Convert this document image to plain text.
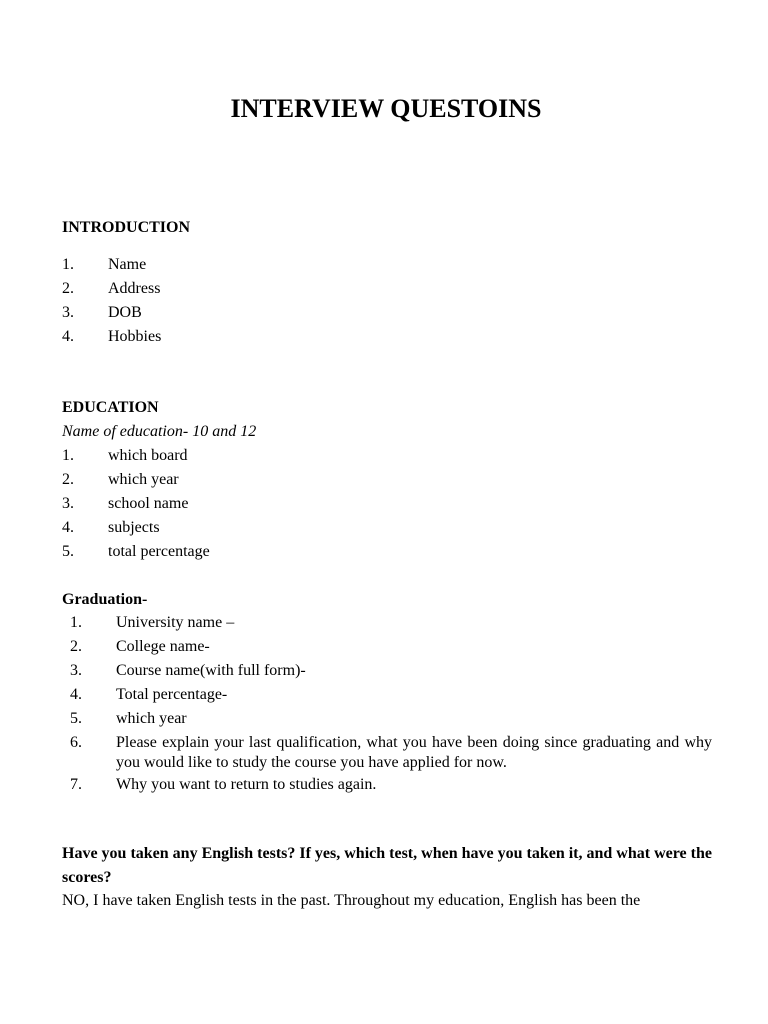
INTERVIEW QUESTOINS

INTRODUCTION

1. Name
2. Address
3. DOB
4. Hobbies

EDUCATION

Name of education- 10 and 12

1. which board
2. which year
3. school name
4. subjects
5. total percentage

Graduation-

1. University name –
2. College name-
3. Course name(with full form)-
4. Total percentage-
5. which year
6. Please explain your last qualification, what you have been doing since graduating and why you would like to study the course you have applied for now.
7. Why you want to return to studies again.

Have you taken any English tests? If yes, which test, when have you taken it, and what were the scores?

NO, I have taken English tests in the past. Throughout my education, English has been the
